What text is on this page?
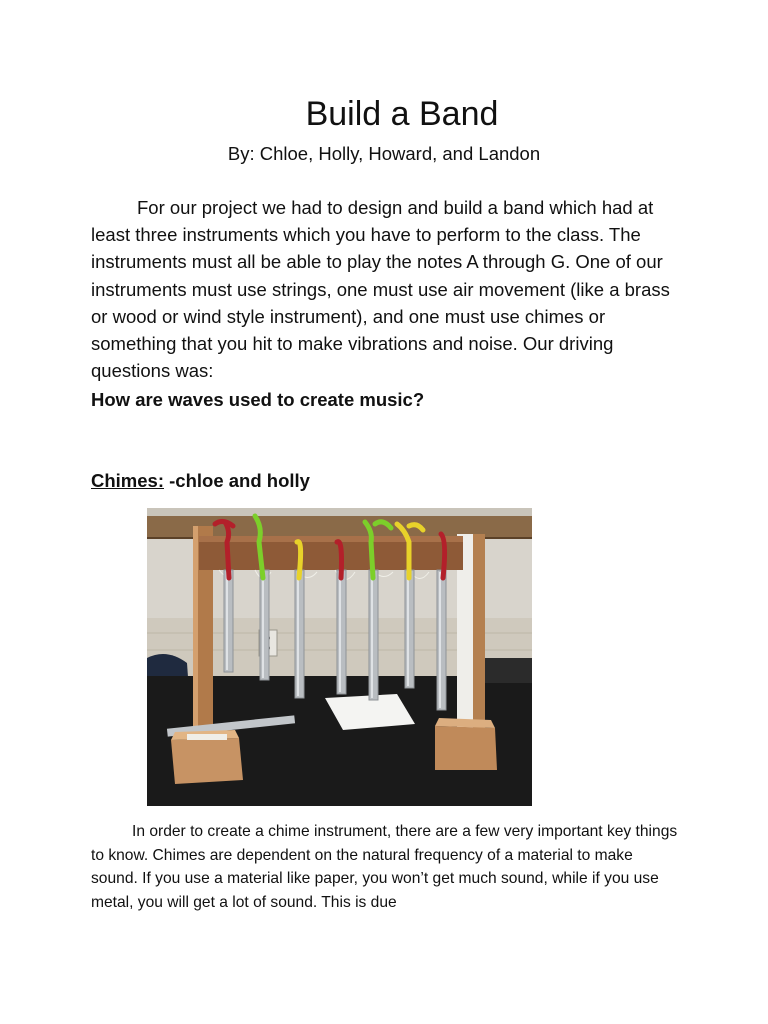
Build a Band

By: Chloe, Holly, Howard, and Landon

For our project we had to design and build a band which had at least three instruments which you have to perform to the class. The instruments must all be able to play the notes A through G. One of our instruments must use strings, one must use air movement (like a brass or wood or wind style instrument), and one must use chimes or something that you hit to make vibrations and noise. Our driving questions was:

How are waves used to create music?

Chimes: -chloe and holly

In order to create a chime instrument, there are a few very important key things to know. Chimes are dependent on the natural frequency of a material to make sound. If you use a material like paper, you won’t get much sound, while if you use metal, you will get a lot of sound. This is due
